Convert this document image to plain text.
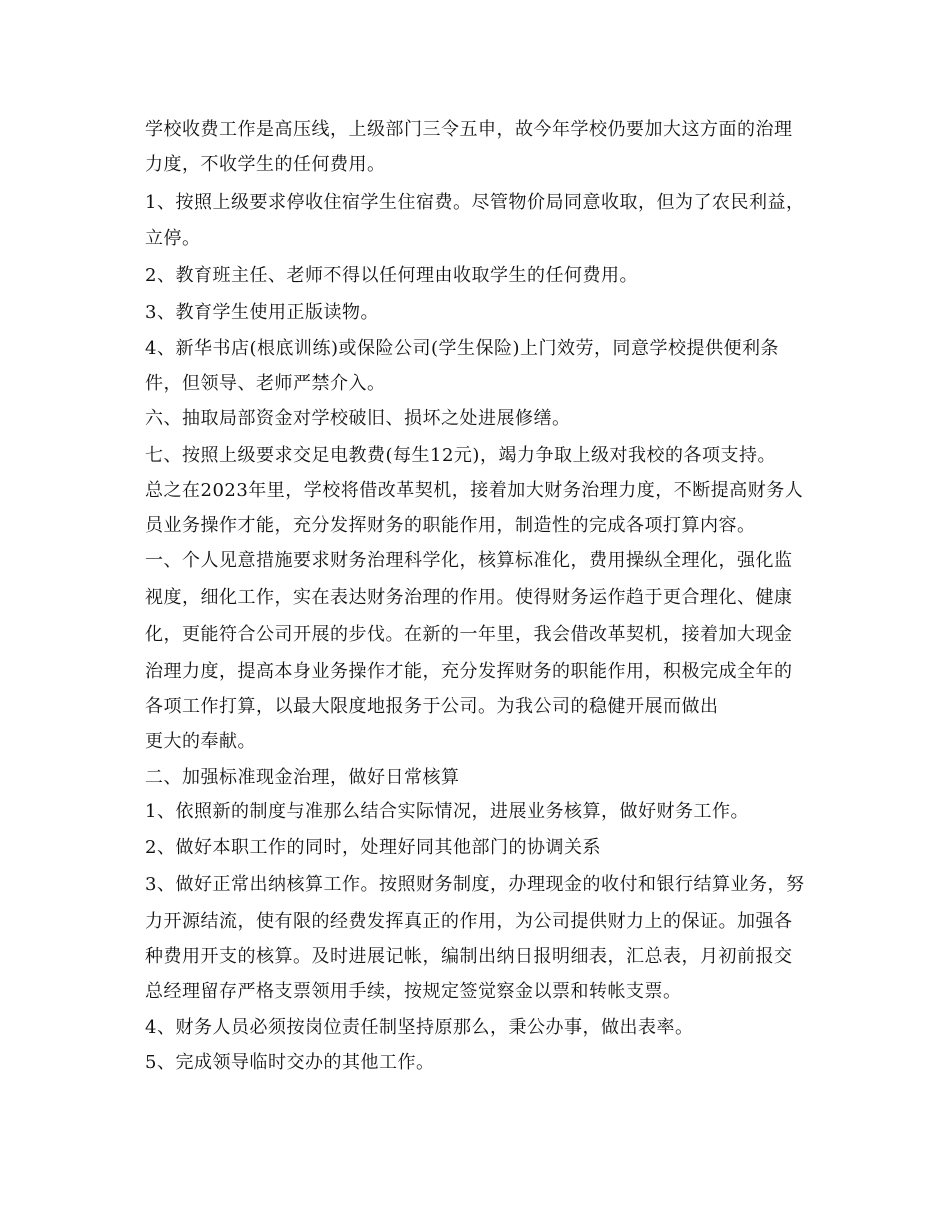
学校收费工作是高压线，上级部门三令五申，故今年学校仍要加大这方面的治理
力度，不收学生的任何费用。
1、按照上级要求停收住宿学生住宿费。尽管物价局同意收取，但为了农民利益，
立停。
2、教育班主任、老师不得以任何理由收取学生的任何费用。
3、教育学生使用正版读物。
4、新华书店(根底训练)或保险公司(学生保险)上门效劳，同意学校提供便利条
件，但领导、老师严禁介入。
六、抽取局部资金对学校破旧、损坏之处进展修缮。
七、按照上级要求交足电教费(每生12元)，竭力争取上级对我校的各项支持。
总之在2023年里，学校将借改革契机，接着加大财务治理力度，不断提高财务人
员业务操作才能，充分发挥财务的职能作用，制造性的完成各项打算内容。
一、个人见意措施要求财务治理科学化，核算标准化，费用操纵全理化，强化监
视度，细化工作，实在表达财务治理的作用。使得财务运作趋于更合理化、健康
化，更能符合公司开展的步伐。在新的一年里，我会借改革契机，接着加大现金
治理力度，提高本身业务操作才能，充分发挥财务的职能作用，积极完成全年的
各项工作打算，以最大限度地报务于公司。为我公司的稳健开展而做出
更大的奉献。
二、加强标准现金治理，做好日常核算
1、依照新的制度与准那么结合实际情况，进展业务核算，做好财务工作。
2、做好本职工作的同时，处理好同其他部门的协调关系
3、做好正常出纳核算工作。按照财务制度，办理现金的收付和银行结算业务，努
力开源结流，使有限的经费发挥真正的作用，为公司提供财力上的保证。加强各
种费用开支的核算。及时进展记帐，编制出纳日报明细表，汇总表，月初前报交
总经理留存严格支票领用手续，按规定签觉察金以票和转帐支票。
4、财务人员必须按岗位责任制坚持原那么，秉公办事，做出表率。
5、完成领导临时交办的其他工作。
